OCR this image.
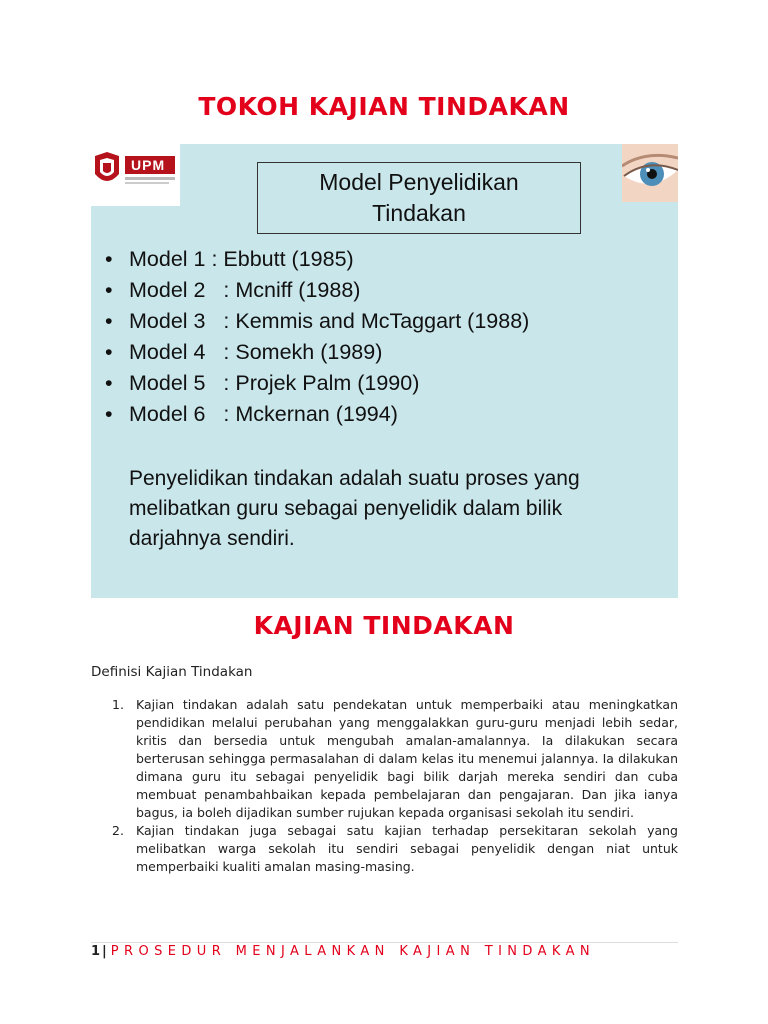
TOKOH KAJIAN TINDAKAN
UPM
Model Penyelidikan
Tindakan
• Model 1 : Ebbutt (1985)
• Model 2   : Mcniff (1988)
• Model 3   : Kemmis and McTaggart (1988)
• Model 4   : Somekh (1989)
• Model 5   : Projek Palm (1990)
• Model 6   : Mckernan (1994)
Penyelidikan tindakan adalah suatu proses yang melibatkan guru sebagai penyelidik dalam bilik darjahnya sendiri.
KAJIAN TINDAKAN
Definisi Kajian Tindakan
1. Kajian tindakan adalah satu pendekatan untuk memperbaiki atau meningkatkan pendidikan melalui perubahan yang menggalakkan guru-guru menjadi lebih sedar, kritis dan bersedia untuk mengubah amalan-amalannya. Ia dilakukan secara berterusan sehingga permasalahan di dalam kelas itu menemui jalannya. Ia dilakukan dimana guru itu sebagai penyelidik bagi bilik darjah mereka sendiri dan cuba membuat penambahbaikan kepada pembelajaran dan pengajaran. Dan jika ianya bagus, ia boleh dijadikan sumber rujukan kepada organisasi sekolah itu sendiri.
2. Kajian tindakan juga sebagai satu kajian terhadap persekitaran sekolah yang melibatkan warga sekolah itu sendiri sebagai penyelidik dengan niat untuk memperbaiki kualiti amalan masing-masing.
1 | PROSEDUR MENJALANKAN KAJIAN TINDAKAN
